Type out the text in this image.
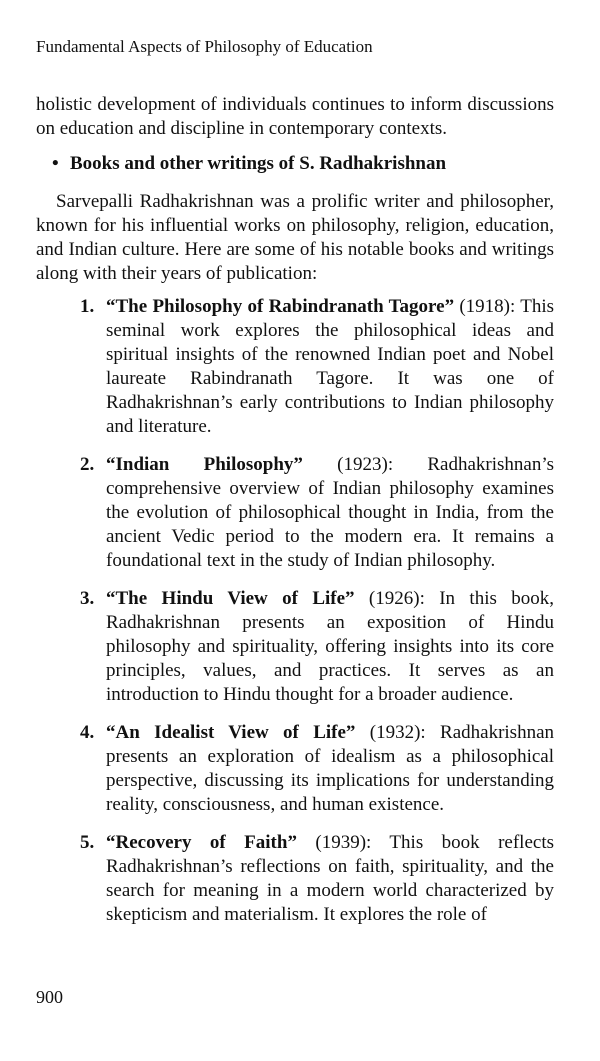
Fundamental Aspects of Philosophy of Education

holistic development of individuals continues to inform discussions on education and discipline in contemporary contexts.

• Books and other writings of S. Radhakrishnan

Sarvepalli Radhakrishnan was a prolific writer and philosopher, known for his influential works on philosophy, religion, education, and Indian culture. Here are some of his notable books and writings along with their years of publication:

1. “The Philosophy of Rabindranath Tagore” (1918): This seminal work explores the philosophical ideas and spiritual insights of the renowned Indian poet and Nobel laureate Rabindranath Tagore. It was one of Radhakrishnan’s early contributions to Indian philosophy and literature.
2. “Indian Philosophy” (1923): Radhakrishnan’s comprehensive overview of Indian philosophy examines the evolution of philosophical thought in India, from the ancient Vedic period to the modern era. It remains a foundational text in the study of Indian philosophy.
3. “The Hindu View of Life” (1926): In this book, Radhakrishnan presents an exposition of Hindu philosophy and spirituality, offering insights into its core principles, values, and practices. It serves as an introduction to Hindu thought for a broader audience.
4. “An Idealist View of Life” (1932): Radhakrishnan presents an exploration of idealism as a philosophical perspective, discussing its implications for understanding reality, consciousness, and human existence.
5. “Recovery of Faith” (1939): This book reflects Radhakrishnan’s reflections on faith, spirituality, and the search for meaning in a modern world characterized by skepticism and materialism. It explores the role of
900
